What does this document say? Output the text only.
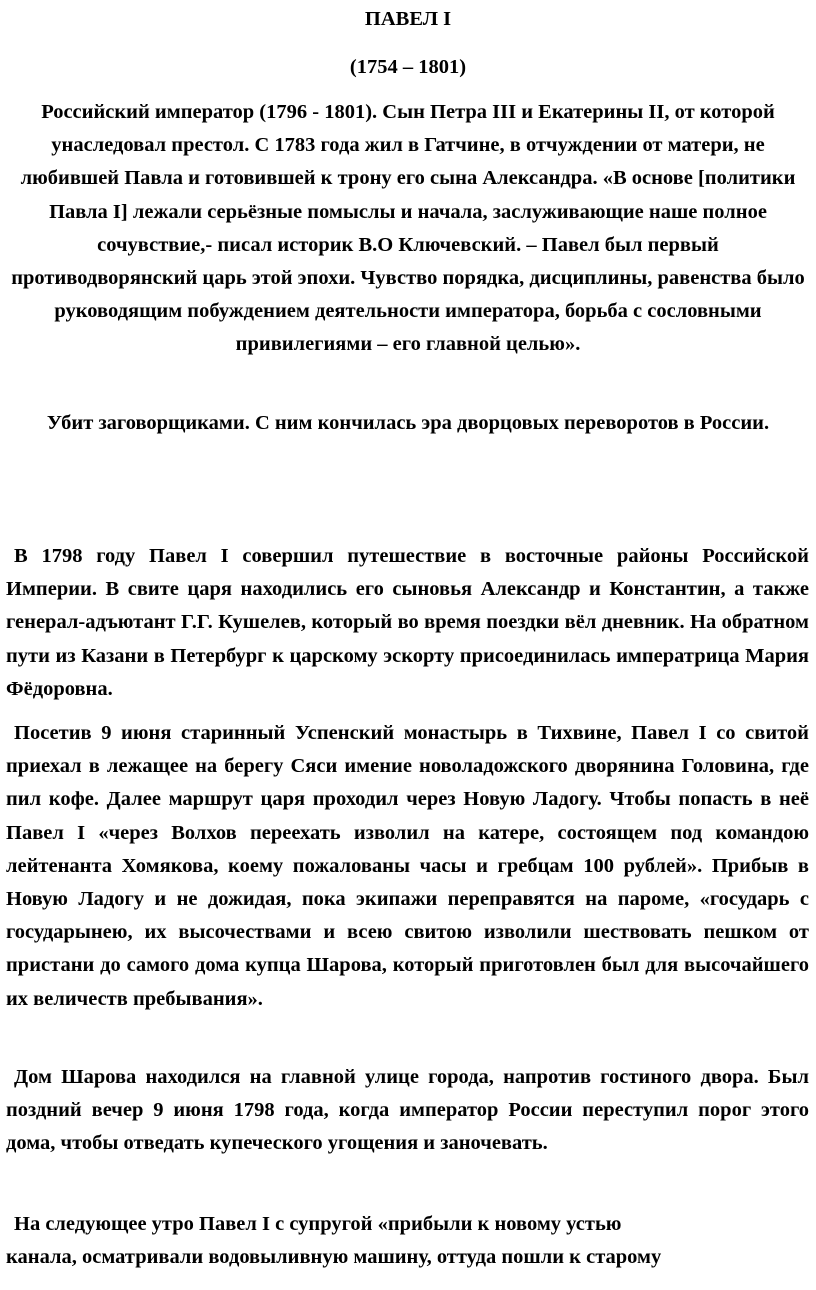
ПАВЕЛ I

(1754 – 1801)

Российский император (1796 - 1801). Сын Петра III и Екатерины II, от которой унаследовал престол. С 1783 года жил в Гатчине, в отчуждении от матери, не любившей Павла и готовившей к трону его сына Александра. «В основе [политики Павла I] лежали серьёзные помыслы и начала, заслуживающие наше полное сочувствие,- писал историк В.О Ключевский. – Павел был первый противодворянский царь этой эпохи. Чувство порядка, дисциплины, равенства было руководящим побуждением деятельности императора, борьба с сословными привилегиями – его главной целью».

Убит заговорщиками. С ним кончилась эра дворцовых переворотов в России.

В 1798 году Павел I совершил путешествие в восточные районы Российской Империи. В свите царя находились его сыновья Александр и Константин, а также генерал-адъютант Г.Г. Кушелев, который во время поездки вёл дневник. На обратном пути из Казани в Петербург к царскому эскорту присоединилась императрица Мария Фёдоровна.

Посетив 9 июня старинный Успенский монастырь в Тихвине, Павел I со свитой приехал в лежащее на берегу Сяси имение новоладожского дворянина Головина, где пил кофе. Далее маршрут царя проходил через Новую Ладогу. Чтобы попасть в неё Павел I «через Волхов переехать изволил на катере, состоящем под командою лейтенанта Хомякова, коему пожалованы часы и гребцам 100 рублей». Прибыв в Новую Ладогу и не дожидая, пока экипажи переправятся на пароме, «государь с государынею, их высочествами и всею свитою изволили шествовать пешком от пристани до самого дома купца Шарова, который приготовлен был для высочайшего их величеств пребывания».

Дом Шарова находился на главной улице города, напротив гостиного двора. Был поздний вечер 9 июня 1798 года, когда император России переступил порог этого дома, чтобы отведать купеческого угощения и заночевать.

На следующее утро Павел I с супругой «прибыли к новому устью

канала, осматривали водовыливную машину, оттуда пошли к старому
